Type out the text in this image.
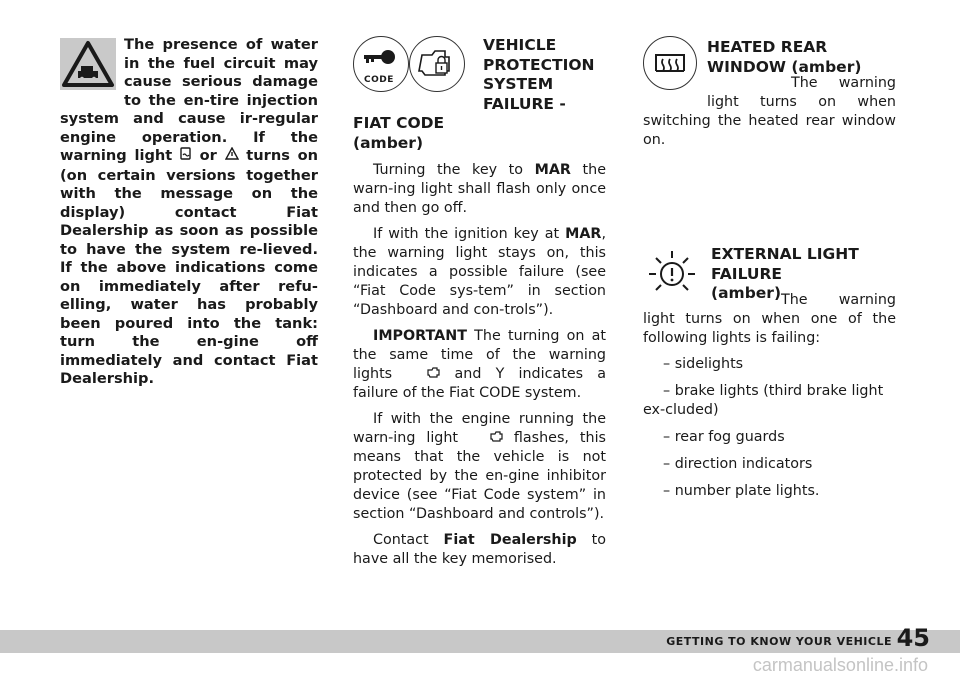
The presence of water in the fuel circuit may cause serious damage to the en-tire injection system and cause ir-regular engine operation. If the warning light  or  turns on (on certain versions together with the message on the display) contact Fiat Dealership as soon as possible to have the system re-lieved. If the above indications come on immediately after refu-elling, water has probably been poured into the tank: turn the en-gine off immediately and contact Fiat Dealership.
CODE
VEHICLE PROTECTION SYSTEM FAILURE - FIAT CODE
(amber)

Turning the key to MAR the warn-ing light shall flash only once and then go off.

If with the ignition key at MAR, the warning light stays on, this indicates a possible failure (see “Fiat Code sys-tem” in section “Dashboard and con-trols”).

IMPORTANT The turning on at the same time of the warning lights  and Y indicates a failure of the Fiat CODE system.

If with the engine running the warn-ing light  flashes, this means that the vehicle is not protected by the en-gine inhibitor device (see “Fiat Code system” in section “Dashboard and controls”).

Contact Fiat Dealership to have all the key memorised.

HEATED REAR WINDOW (amber)

The warning light turns on when switching the heated rear window on.

EXTERNAL LIGHT FAILURE
(amber) The warning light turns on when one of the following lights is failing:

– sidelights

– brake lights (third brake light ex-cluded)

– rear fog guards

– direction indicators

– number plate lights.

GETTING TO KNOW YOUR VEHICLE 45
carmanualsonline.info
